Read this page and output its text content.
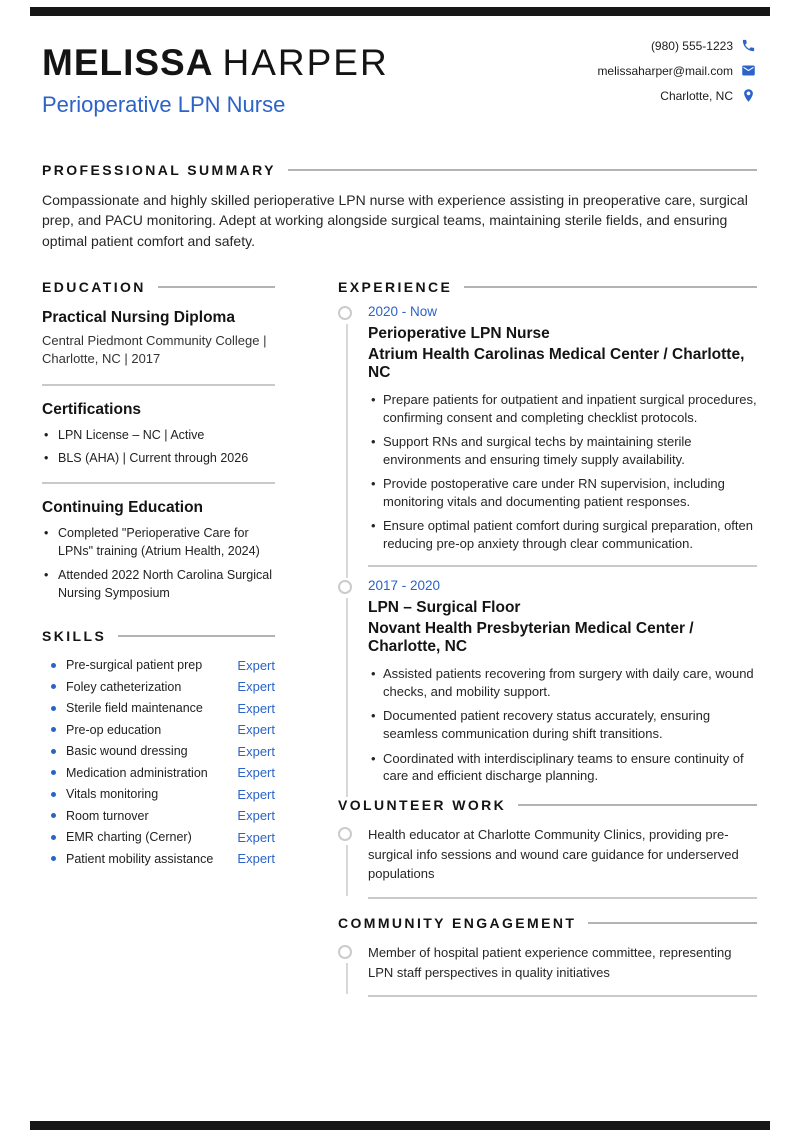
MELISSA HARPER
Perioperative LPN Nurse
(980) 555-1223
melissaharper@mail.com
Charlotte, NC
PROFESSIONAL SUMMARY

Compassionate and highly skilled perioperative LPN nurse with experience assisting in preoperative care, surgical prep, and PACU monitoring. Adept at working alongside surgical teams, maintaining sterile fields, and ensuring optimal patient comfort and safety.

EDUCATION
Practical Nursing Diploma
Central Piedmont Community College |
Charlotte, NC | 2017
Certifications
• LPN License – NC | Active
• BLS (AHA) | Current through 2026
Continuing Education
• Completed "Perioperative Care for LPNs" training (Atrium Health, 2024)
• Attended 2022 North Carolina Surgical Nursing Symposium
SKILLS
Pre-surgical patient prep	Expert
Foley catheterization	Expert
Sterile field maintenance	Expert
Pre-op education	Expert
Basic wound dressing	Expert
Medication administration	Expert
Vitals monitoring	Expert
Room turnover	Expert
EMR charting (Cerner)	Expert
Patient mobility assistance	Expert
EXPERIENCE
2020 - Now
Perioperative LPN Nurse
Atrium Health Carolinas Medical Center / Charlotte, NC
• Prepare patients for outpatient and inpatient surgical procedures, confirming consent and completing checklist protocols.
• Support RNs and surgical techs by maintaining sterile environments and ensuring timely supply availability.
• Provide postoperative care under RN supervision, including monitoring vitals and documenting patient responses.
• Ensure optimal patient comfort during surgical preparation, often reducing pre-op anxiety through clear communication.
2017 - 2020
LPN – Surgical Floor
Novant Health Presbyterian Medical Center / Charlotte, NC
• Assisted patients recovering from surgery with daily care, wound checks, and mobility support.
• Documented patient recovery status accurately, ensuring seamless communication during shift transitions.
• Coordinated with interdisciplinary teams to ensure continuity of care and efficient discharge planning.
VOLUNTEER WORK

Health educator at Charlotte Community Clinics, providing pre-surgical info sessions and wound care guidance for underserved populations

COMMUNITY ENGAGEMENT

Member of hospital patient experience committee, representing LPN staff perspectives in quality initiatives
